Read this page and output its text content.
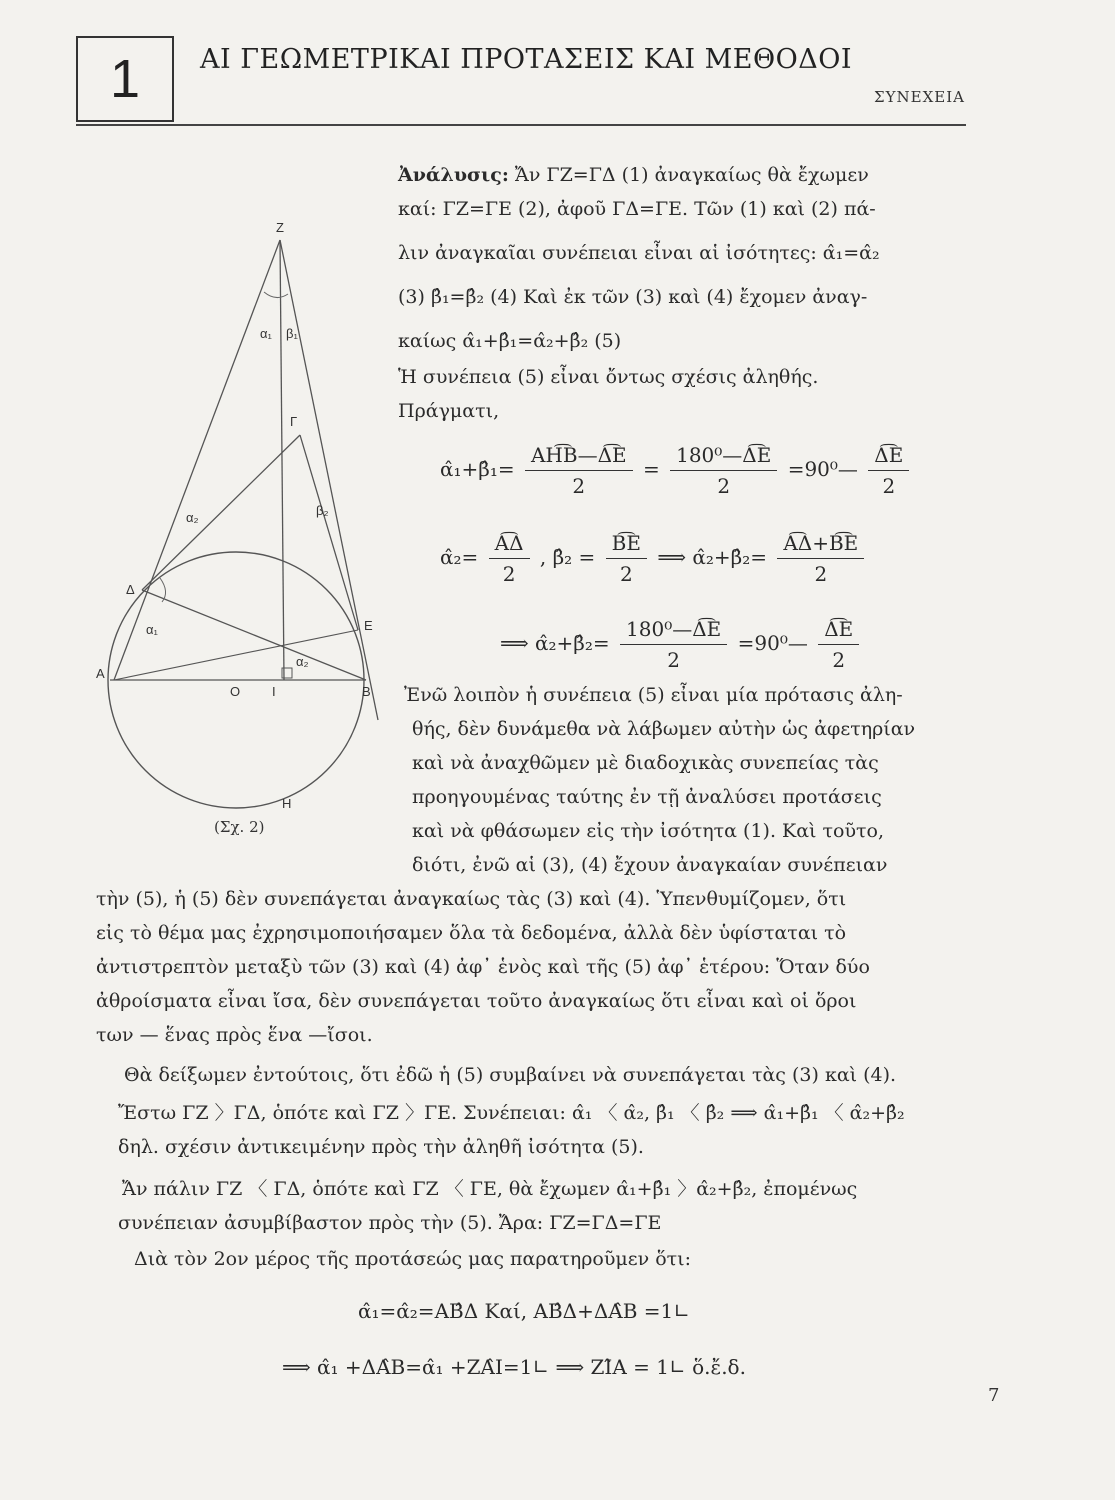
1 ΑΙ ΓΕΩΜΕΤΡΙΚΑΙ ΠΡΟΤΑΣΕΙΣ ΚΑΙ ΜΕΘΟΔΟΙ
ΣΥΝΕΧΕΙΑ
Z
Γ
Δ
E
A
O I	B
H
α₁ β₁
α₂	β₂
α₁
α₂
(Σχ. 2)
Ἀνάλυσις: Ἄν ΓΖ=ΓΔ (1) ἀναγκαίως θὰ ἔχωμεν
καί: ΓΖ=ΓΕ (2), ἀφοῦ ΓΔ=ΓΕ. Τῶν (1) καὶ (2) πά-
λιν ἀναγκαῖαι συνέπειαι εἶναι αἱ ἰσότητες: α̂₁=α̂₂
(3) β̂₁=β̂₂ (4) Καὶ ἐκ τῶν (3) καὶ (4) ἔχομεν ἀναγ-
καίως α̂₁+β̂₁=α̂₂+β̂₂ (5)
Ἡ συνέπεια (5) εἶναι ὄντως σχέσις ἀληθής.
Πράγματι,
α̂₁+β̂₁= $\frac{AH͡B—\Delta͡E}{2} = \frac{\text{180⁰—Δ͡Ε}}{2}$ =90⁰— $\frac{\Delta͡E}{2}$
α̂₂= $\frac{A͡\Delta}{2}$ , β̂₂ = $\frac{B͡E}{2}$ ⟹ α̂₂+β̂₂= $\frac{A͡\Delta+B͡E}{2}$
⟹ α̂₂+β̂₂= $\frac{\text{180⁰—Δ͡Ε}}{2}$ =90⁰— $\frac{\Delta͡E}{2}$
Ἐνῶ λοιπὸν ἡ συνέπεια (5) εἶναι μία πρότασις ἀλη-
θής, δὲν δυνάμεθα νὰ λάβωμεν αὐτὴν ὡς ἀφετηρίαν
καὶ νὰ ἀναχθῶμεν μὲ διαδοχικὰς συνεπείας τὰς
προηγουμένας ταύτης ἐν τῇ ἀναλύσει προτάσεις
καὶ νὰ φθάσωμεν εἰς τὴν ἰσότητα (1). Καὶ τοῦτο,
διότι, ἐνῶ αἱ (3), (4) ἔχουν ἀναγκαίαν συνέπειαν
τὴν (5), ἡ (5) δὲν συνεπάγεται ἀναγκαίως τὰς (3) καὶ (4). Ὑπενθυμίζομεν, ὅτι
εἰς τὸ θέμα μας ἐχρησιμοποιήσαμεν ὅλα τὰ δεδομένα, ἀλλὰ δὲν ὑφίσταται τὸ
ἀντιστρεπτὸν μεταξὺ τῶν (3) καὶ (4) ἀφ᾽ ἑνὸς καὶ τῆς (5) ἀφ᾽ ἑτέρου: Ὅταν δύο
ἀθροίσματα εἶναι ἴσα, δὲν συνεπάγεται τοῦτο ἀναγκαίως ὅτι εἶναι καὶ οἱ ὅροι
των — ἕνας πρὸς ἕνα —ἴσοι.
Θὰ δείξωμεν ἐντούτοις, ὅτι ἐδῶ ἡ (5) συμβαίνει νὰ συνεπάγεται τὰς (3) καὶ (4).
Ἔστω ΓΖ 〉ΓΔ, ὁπότε καὶ ΓΖ 〉ΓΕ. Συνέπειαι: α̂₁ 〈 α̂₂, β̂₁ 〈 β̂₂ ⟹ α̂₁+β̂₁ 〈 α̂₂+β̂₂
δηλ. σχέσιν ἀντικειμένην πρὸς τὴν ἀληθῆ ἰσότητα (5).
Ἄν πάλιν ΓΖ 〈 ΓΔ, ὁπότε καὶ ΓΖ 〈 ΓΕ, θὰ ἔχωμεν α̂₁+β̂₁ 〉α̂₂+β̂₂, ἐπομένως
συνέπειαν ἀσυμβίβαστον πρὸς τὴν (5). Ἄρα: ΓΖ=ΓΔ=ΓΕ
Διὰ τὸν 2ον μέρος τῆς προτάσεώς μας παρατηροῦμεν ὅτι:
α̂₁=α̂₂=ΑΒ̂Δ Καί, ΑΒ̂Δ+ΔΑ̂Β =1∟
⟹ α̂₁ +ΔΑ̂Β=α̂₁ +ΖΑ̂Ι=1∟ ⟹ ΖΙ̂Α = 1∟ ὅ.ἔ.δ.
7
